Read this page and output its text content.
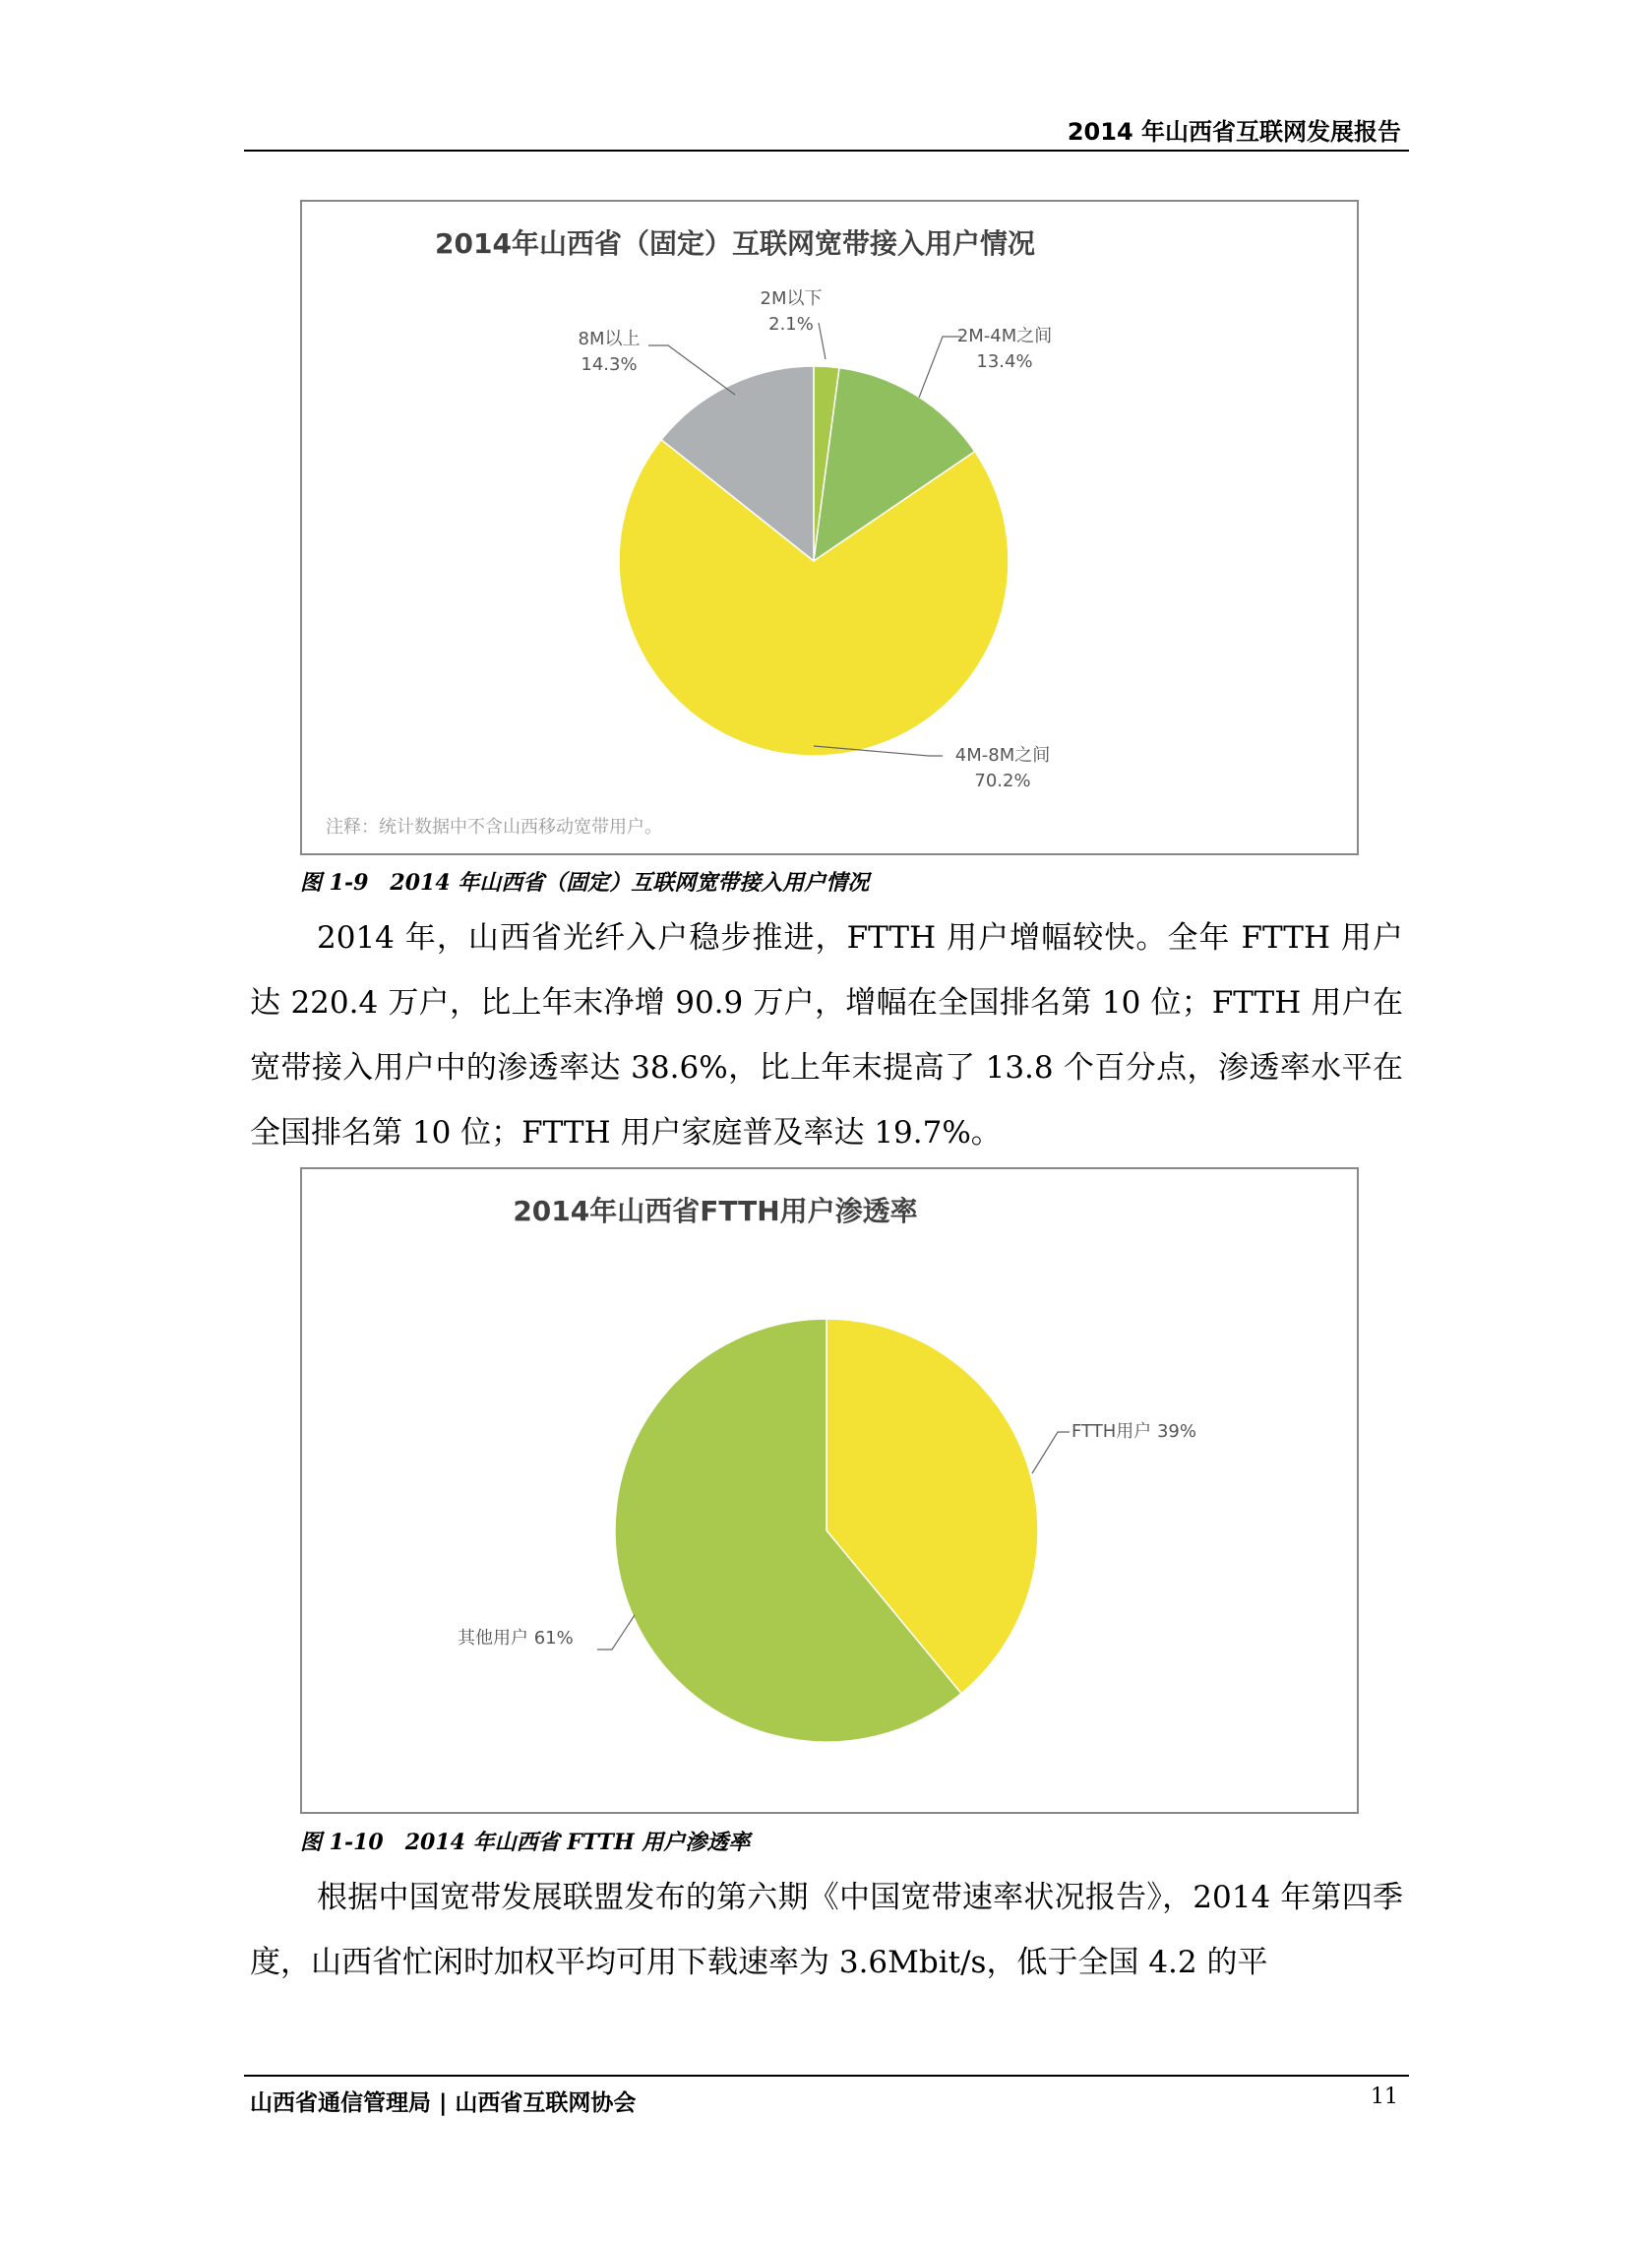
2014 年山西省互联网发展报告
2014年山西省（固定）互联网宽带接入用户情况
2M以下
2.1%
2M-4M之间
13.4%
8M以上
14.3%
4M-8M之间
70.2%
注释：统计数据中不含山西移动宽带用户。
图 1-9　2014 年山西省（固定）互联网宽带接入用户情况

2014 年，山西省光纤入户稳步推进，FTTH 用户增幅较快。全年 FTTH 用户达 220.4 万户，比上年末净增 90.9 万户，增幅在全国排名第 10 位；FTTH 用户在宽带接入用户中的渗透率达 38.6%，比上年末提高了 13.8 个百分点，渗透率水平在全国排名第 10 位；FTTH 用户家庭普及率达 19.7%。

2014年山西省FTTH用户渗透率
FTTH用户 39%
其他用户 61%
图 1-10　2014 年山西省 FTTH 用户渗透率

根据中国宽带发展联盟发布的第六期《中国宽带速率状况报告》，2014 年第四季度，山西省忙闲时加权平均可用下载速率为 3.6Mbit/s，低于全国 4.2 的平

山西省通信管理局 | 山西省互联网协会	11
